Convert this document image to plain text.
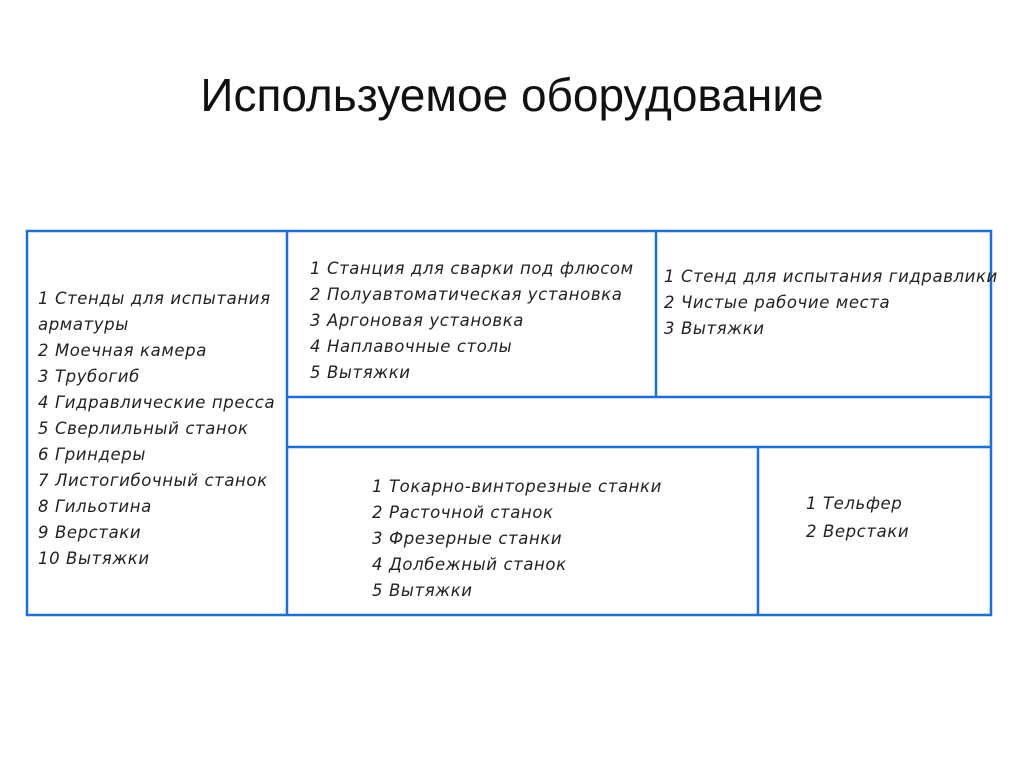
Используемое оборудование
1 Стенды для испытания
арматуры
2 Моечная камера
3 Трубогиб
4 Гидравлические пресса
5 Сверлильный станок
6 Гриндеры
7 Листогибочный станок
8 Гильотина
9 Верстаки
10 Вытяжки
1 Станция для сварки под флюсом
2 Полуавтоматическая установка
3 Аргоновая установка
4 Наплавочные столы
5 Вытяжки
1 Стенд для испытания гидравлики
2 Чистые рабочие места
3 Вытяжки
1 Токарно-винторезные станки
2 Расточной станок
3 Фрезерные станки
4 Долбежный станок
5 Вытяжки
1 Тельфер
2 Верстаки
